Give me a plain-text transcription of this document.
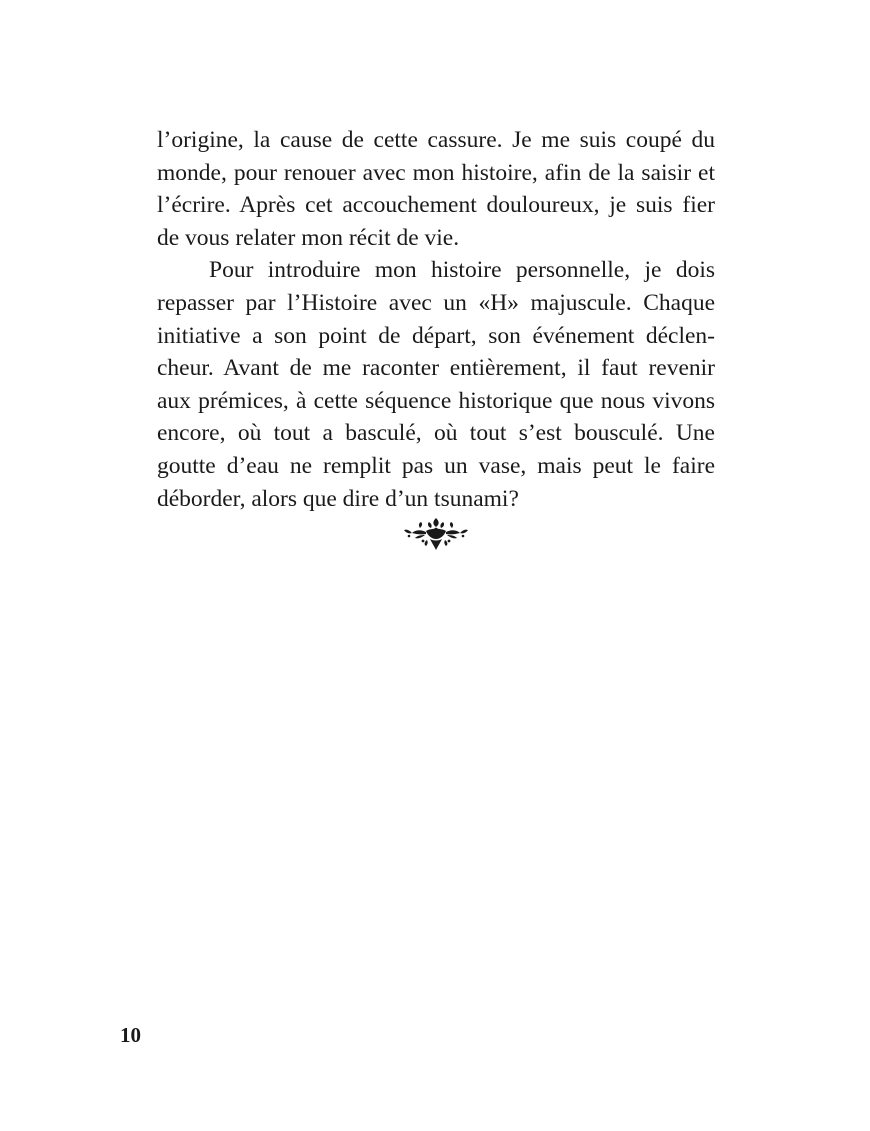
l’origine, la cause de cette cassure. Je me suis coupé du monde, pour renouer avec mon histoire, afin de la saisir et l’écrire. Après cet accouchement douloureux, je suis fier de vous relater mon récit de vie.

Pour introduire mon histoire personnelle, je dois repasser par l’Histoire avec un «H» majuscule. Chaque initiative a son point de départ, son événement déclencheur. Avant de me raconter entièrement, il faut revenir aux prémices, à cette séquence historique que nous vivons encore, où tout a basculé, où tout s’est bousculé. Une goutte d’eau ne remplit pas un vase, mais peut le faire déborder, alors que dire d’un tsunami?

10
